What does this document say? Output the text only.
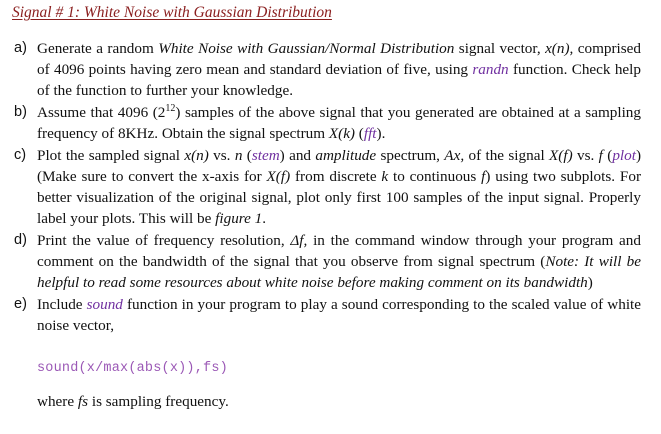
Signal # 1: White Noise with Gaussian Distribution
a) Generate a random White Noise with Gaussian/Normal Distribution signal vector, x(n), comprised of 4096 points having zero mean and standard deviation of five, using randn function. Check help of the function to further your knowledge.
b) Assume that 4096 $(2^{12})$ samples of the above signal that you generated are obtained at a sampling frequency of 8KHz. Obtain the signal spectrum X(k) (fft).
c) Plot the sampled signal x(n) vs. n (stem) and amplitude spectrum, Ax, of the signal X(f) vs. f (plot) (Make sure to convert the x-axis for X(f) from discrete k to continuous f) using two subplots. For better visualization of the original signal, plot only first 100 samples of the input signal. Properly label your plots. This will be figure 1.
d) Print the value of frequency resolution, Δf, in the command window through your program and comment on the bandwidth of the signal that you observe from signal spectrum (Note: It will be helpful to read some resources about white noise before making comment on its bandwidth)
e) Include sound function in your program to play a sound corresponding to the scaled value of white noise vector,
sound(x/max(abs(x)),fs)
where fs is sampling frequency.
